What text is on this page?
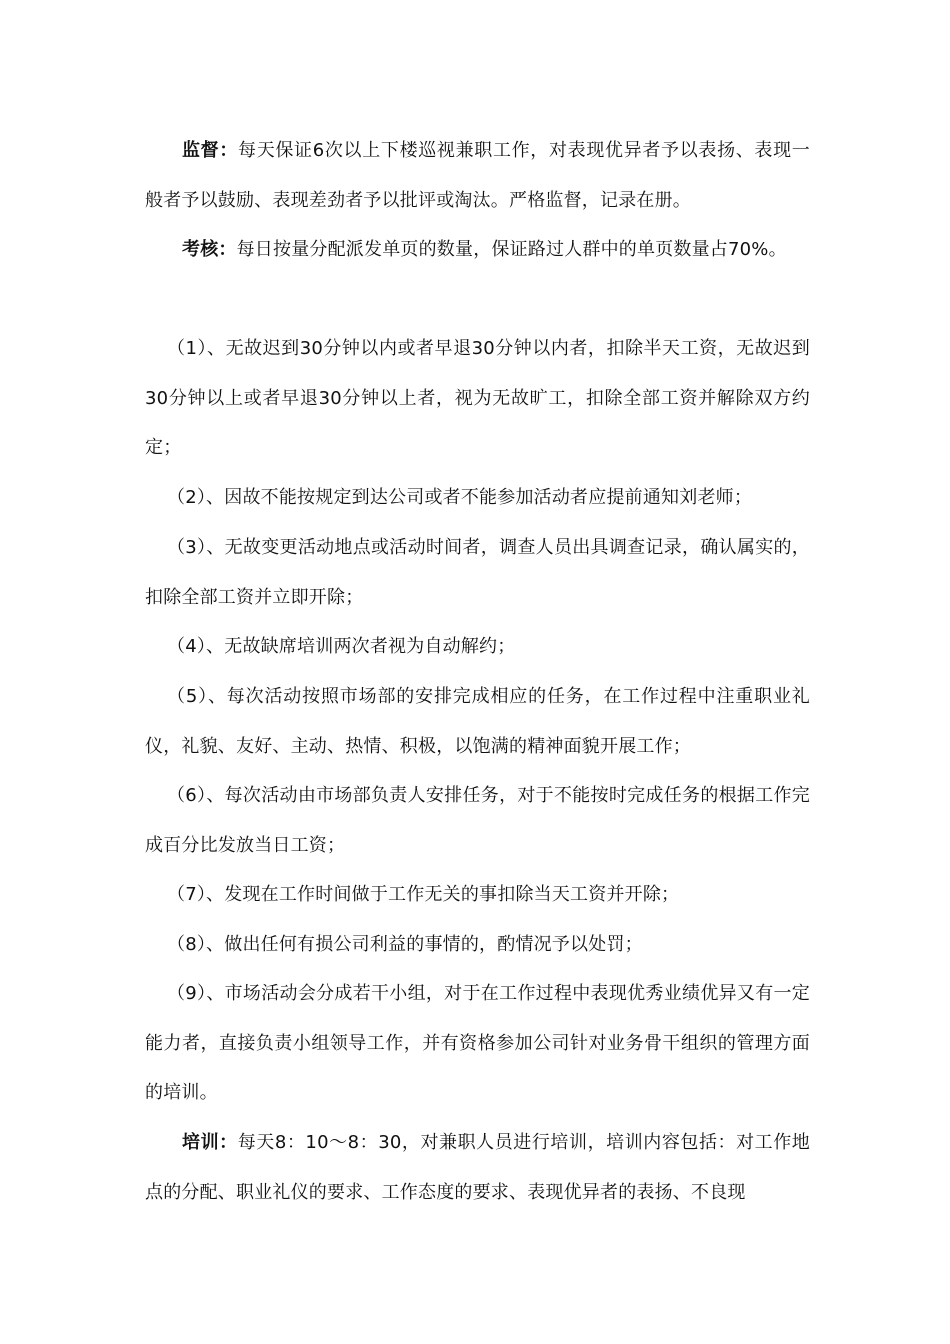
监督：每天保证6次以上下楼巡视兼职工作，对表现优异者予以表扬、表现一般者予以鼓励、表现差劲者予以批评或淘汰。严格监督，记录在册。

考核：每日按量分配派发单页的数量，保证路过人群中的单页数量占70%。

（1）、无故迟到30分钟以内或者早退30分钟以内者，扣除半天工资，无故迟到30分钟以上或者早退30分钟以上者，视为无故旷工，扣除全部工资并解除双方约定；

（2）、因故不能按规定到达公司或者不能参加活动者应提前通知刘老师；

（3）、无故变更活动地点或活动时间者，调查人员出具调查记录，确认属实的，扣除全部工资并立即开除；

（4）、无故缺席培训两次者视为自动解约；

（5）、每次活动按照市场部的安排完成相应的任务，在工作过程中注重职业礼仪，礼貌、友好、主动、热情、积极，以饱满的精神面貌开展工作；

（6）、每次活动由市场部负责人安排任务，对于不能按时完成任务的根据工作完成百分比发放当日工资；

（7）、发现在工作时间做于工作无关的事扣除当天工资并开除；

（8）、做出任何有损公司利益的事情的，酌情况予以处罚；

（9）、市场活动会分成若干小组，对于在工作过程中表现优秀业绩优异又有一定能力者，直接负责小组领导工作，并有资格参加公司针对业务骨干组织的管理方面的培训。

培训：每天8：10～8：30，对兼职人员进行培训，培训内容包括：对工作地点的分配、职业礼仪的要求、工作态度的要求、表现优异者的表扬、不良现
